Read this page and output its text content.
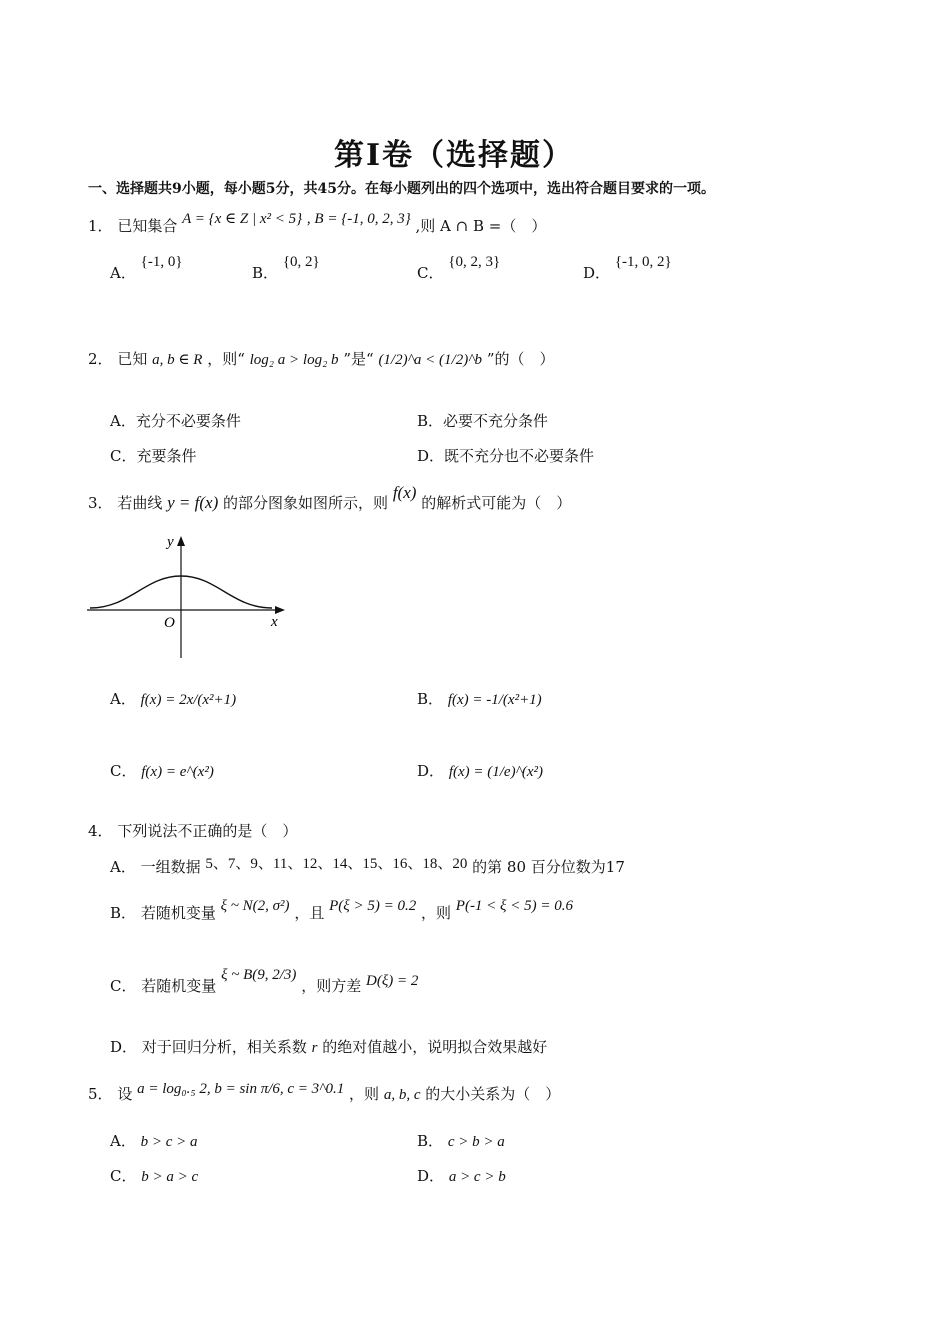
第Ⅰ卷（选择题）
一、选择题共9小题，每小题5分，共45分。在每小题列出的四个选项中，选出符合题目要求的一项。
1． 已知集合 A = {x ∈ Z | x² < 5} , B = {-1, 0, 2, 3} ,则 A ∩ B =（　）
A． {-1, 0}
B． {0, 2}
C． {0, 2, 3}
D． {-1, 0, 2}
2． 已知 a, b ∈ R ，则“ log₂ a > log₂ b ”是“ (1/2)^a < (1/2)^b ”的（　）
A．充分不必要条件	B．必要不充分条件
C．充要条件	D．既不充分也不必要条件
3． 若曲线 y = f(x) 的部分图象如图所示，则 f(x) 的解析式可能为（　）
y
x
O
A． f(x) = 2x/(x²+1)	B． f(x) = -1/(x²+1)
C． f(x) = e^(x²)	D． f(x) = (1/e)^(x²)
4． 下列说法不正确的是（　）
A． 一组数据 5、7、9、11、12、14、15、16、18、20 的第 80 百分位数为17
B． 若随机变量 ξ ~ N(2, σ²) ，且 P(ξ > 5) = 0.2 ，则 P(-1 < ξ < 5) = 0.6
C． 若随机变量 ξ ~ B(9, 2/3) ，则方差 D(ξ) = 2
D． 对于回归分析，相关系数 r 的绝对值越小，说明拟合效果越好
5． 设 a = log₀.₅ 2, b = sin π/6, c = 3^0.1 ，则 a, b, c 的大小关系为（　）
A． b > c > a	B． c > b > a
C． b > a > c	D． a > c > b
